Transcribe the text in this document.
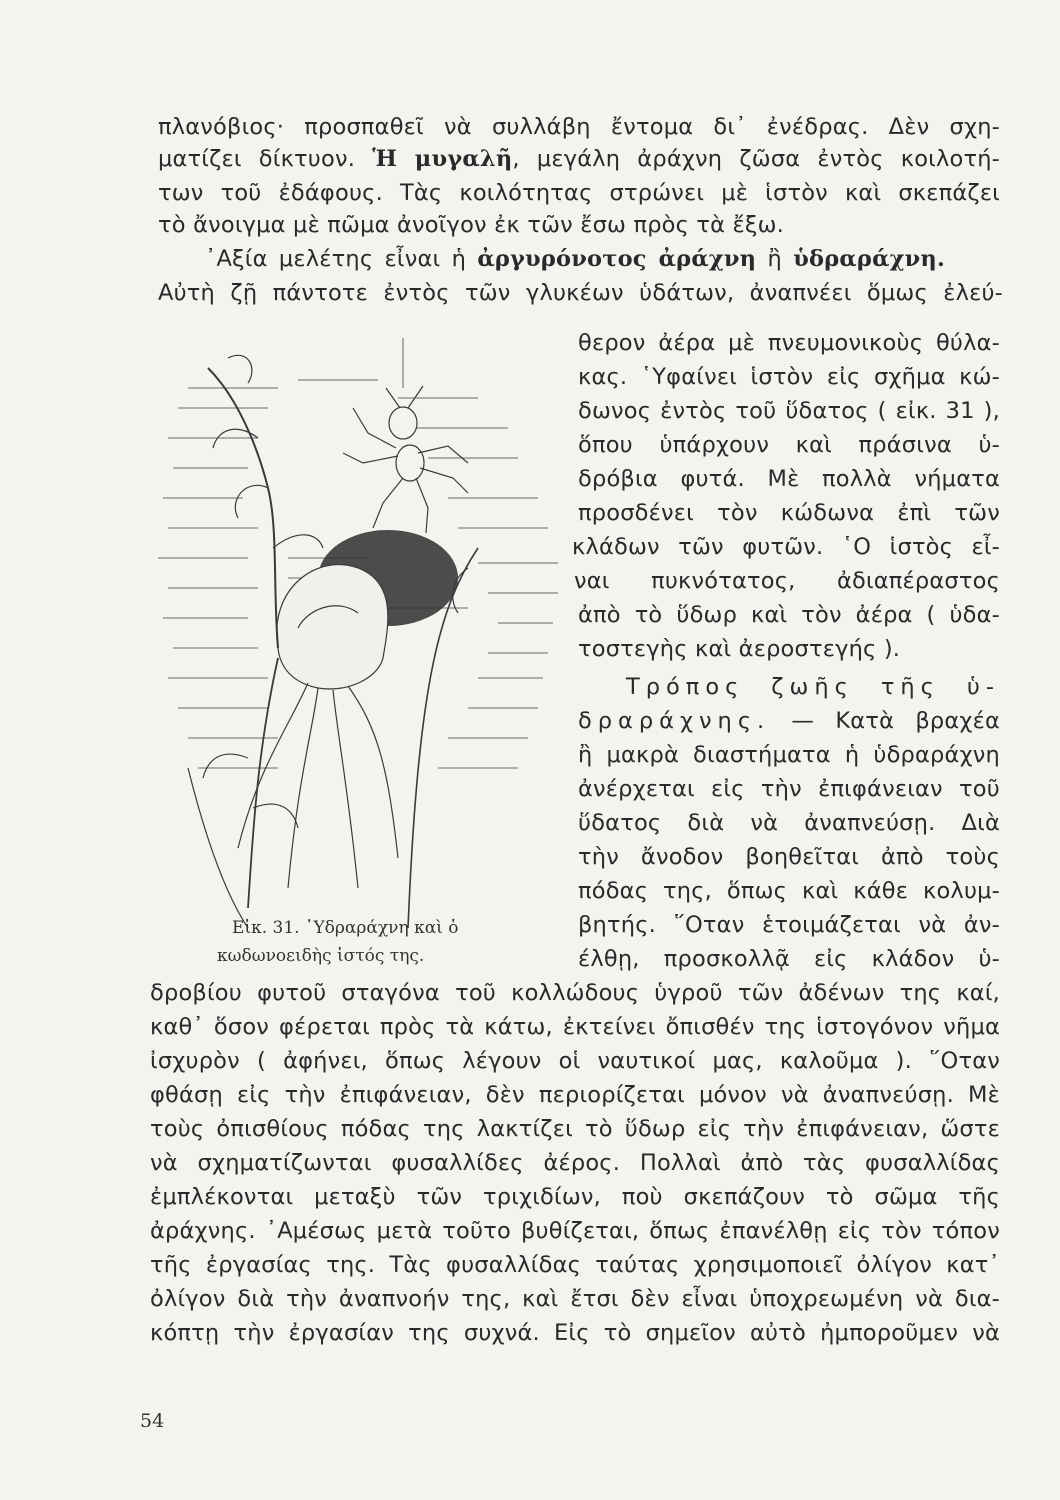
πλανόβιος· προσπαθεῖ νὰ συλλάβη ἔντομα δι᾽ ἐνέδρας. Δὲν σχη-
ματίζει δίκτυον. Ἡ μυγαλῆ, μεγάλη ἀράχνη ζῶσα ἐντὸς κοιλοτή-
των τοῦ ἐδάφους. Τὰς κοιλότητας στρώνει μὲ ἱστὸν καὶ σκεπάζει
τὸ ἄνοιγμα μὲ πῶμα ἀνοῖγον ἐκ τῶν ἔσω πρὸς τὰ ἔξω.
᾿Αξία μελέτης εἶναι ἡ ἀργυρόνοτος ἀράχνη ἢ ὑδραράχνη.
Αὐτὴ ζῇ πάντοτε ἐντὸς τῶν γλυκέων ὑδάτων, ἀναπνέει ὅμως ἐλεύ-
θερον ἀέρα μὲ πνευμονικοὺς θύλα-
κας. ῾Υφαίνει ἱστὸν εἰς σχῆμα κώ-
δωνος ἐντὸς τοῦ ὕδατος ( εἰκ. 31 ),
ὅπου ὑπάρχουν καὶ πράσινα ὑ-
δρόβια φυτά. Μὲ πολλὰ νήματα
προσδένει τὸν κώδωνα ἐπὶ τῶν
κλάδων τῶν φυτῶν. ῾Ο ἱστὸς εἶ-
ναι πυκνότατος, ἀδιαπέραστος
ἀπὸ τὸ ὕδωρ καὶ τὸν ἀέρα ( ὑδα-
τοστεγὴς καὶ ἀεροστεγής ).
Τρόπος ζωῆς τῆς ὑ-
δραράχνης. — Κατὰ βραχέα
ἢ μακρὰ διαστήματα ἡ ὑδραράχνη
ἀνέρχεται εἰς τὴν ἐπιφάνειαν τοῦ
ὕδατος διὰ νὰ ἀναπνεύσῃ. Διὰ
τὴν ἄνοδον βοηθεῖται ἀπὸ τοὺς
πόδας της, ὅπως καὶ κάθε κολυμ-
βητής. ῞Οταν ἑτοιμάζεται νὰ ἀν-
έλθῃ, προσκολλᾷ εἰς κλάδον ὑ-
Εἰκ. 31. ῾Υδραράχνη καὶ ὁ
κωδωνοειδὴς ἱστός της.
δροβίου φυτοῦ σταγόνα τοῦ κολλώδους ὑγροῦ τῶν ἀδένων της καί,
καθ᾽ ὅσον φέρεται πρὸς τὰ κάτω, ἐκτείνει ὄπισθέν της ἱστογόνον νῆμα
ἰσχυρὸν ( ἀφήνει, ὅπως λέγουν οἱ ναυτικοί μας, καλοῦμα ). ῞Οταν
φθάσῃ εἰς τὴν ἐπιφάνειαν, δὲν περιορίζεται μόνον νὰ ἀναπνεύσῃ. Μὲ
τοὺς ὀπισθίους πόδας της λακτίζει τὸ ὕδωρ εἰς τὴν ἐπιφάνειαν, ὥστε
νὰ σχηματίζωνται φυσαλλίδες ἀέρος. Πολλαὶ ἀπὸ τὰς φυσαλλίδας
ἐμπλέκονται μεταξὺ τῶν τριχιδίων, ποὺ σκεπάζουν τὸ σῶμα τῆς
ἀράχνης. ᾿Αμέσως μετὰ τοῦτο βυθίζεται, ὅπως ἐπανέλθῃ εἰς τὸν τόπον
τῆς ἐργασίας της. Τὰς φυσαλλίδας ταύτας χρησιμοποιεῖ ὀλίγον κατ᾽
ὀλίγον διὰ τὴν ἀναπνοήν της, καὶ ἔτσι δὲν εἶναι ὑποχρεωμένη νὰ δια-
κόπτῃ τὴν ἐργασίαν της συχνά. Εἰς τὸ σημεῖον αὐτὸ ἠμποροῦμεν νὰ
54
